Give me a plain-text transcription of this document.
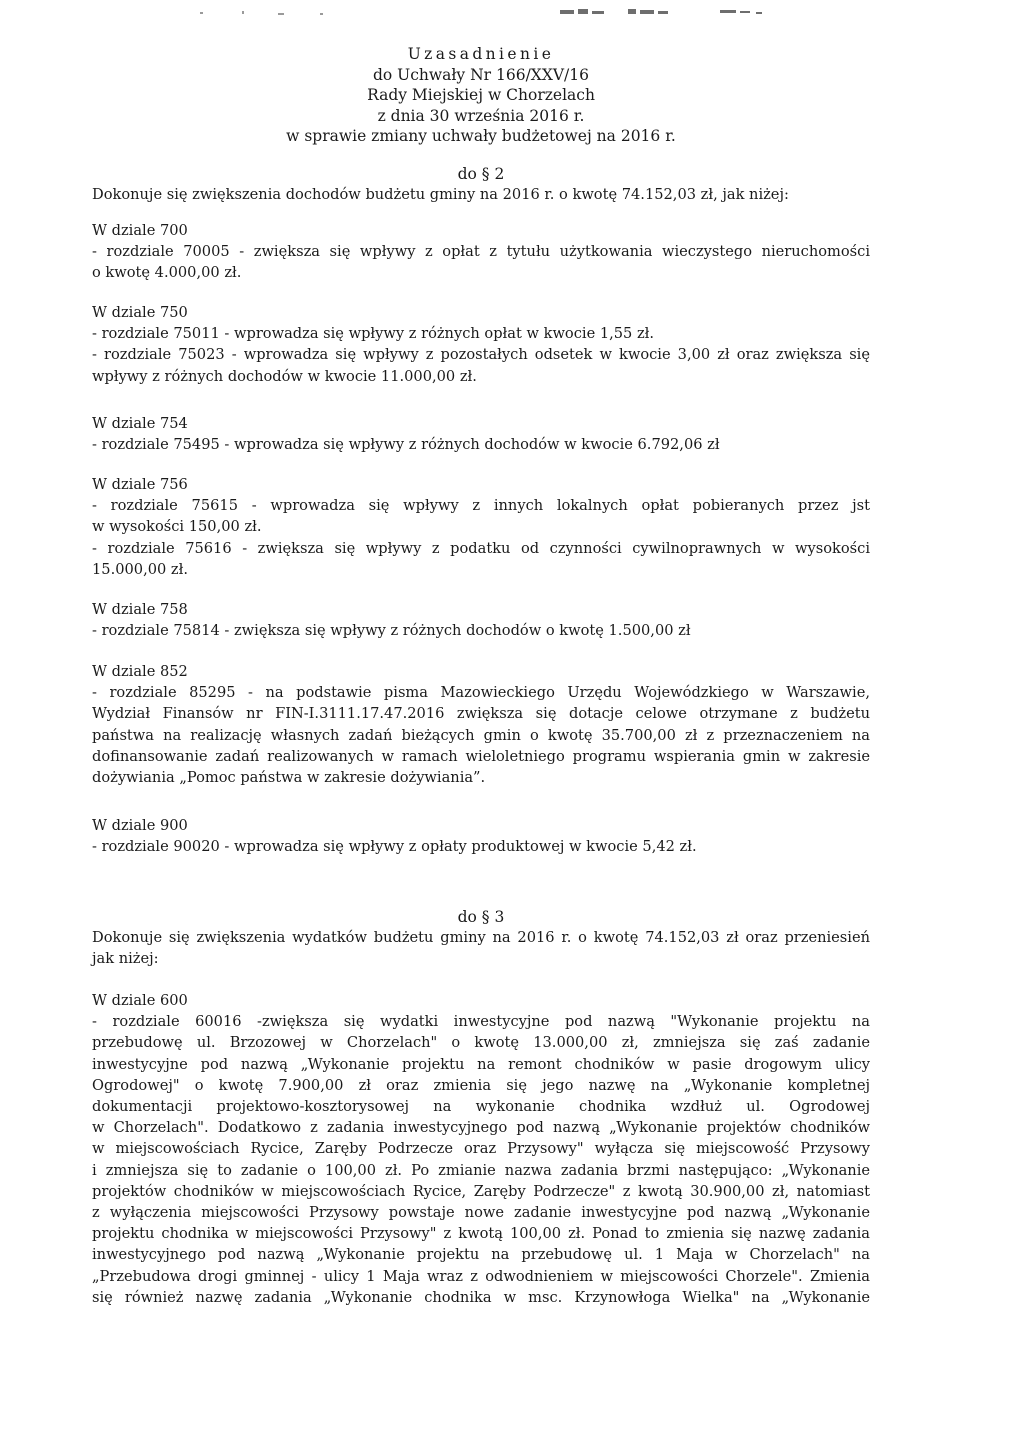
Uzasadnienie
do Uchwały Nr 166/XXV/16
Rady Miejskiej w Chorzelach
z dnia 30 września 2016 r.
w sprawie zmiany uchwały budżetowej na 2016 r.
do § 2

Dokonuje się zwiększenia dochodów budżetu gminy na 2016 r. o kwotę 74.152,03 zł, jak niżej:

W dziale 700

- rozdziale 70005 - zwiększa się wpływy z opłat z tytułu użytkowania wieczystego nieruchomości

o kwotę 4.000,00 zł.

W dziale 750

- rozdziale 75011 - wprowadza się wpływy z różnych opłat w kwocie 1,55 zł.

- rozdziale 75023 - wprowadza się wpływy z pozostałych odsetek w kwocie 3,00 zł oraz zwiększa się

wpływy z różnych dochodów w kwocie 11.000,00 zł.

W dziale 754

- rozdziale 75495 - wprowadza się wpływy z różnych dochodów w kwocie 6.792,06 zł

W dziale 756

- rozdziale 75615 - wprowadza się wpływy z innych lokalnych opłat pobieranych przez jst

w wysokości 150,00 zł.

- rozdziale 75616 - zwiększa się wpływy z podatku od czynności cywilnoprawnych w wysokości

15.000,00 zł.

W dziale 758

- rozdziale 75814 - zwiększa się wpływy z różnych dochodów o kwotę 1.500,00 zł

W dziale 852

- rozdziale 85295 - na podstawie pisma Mazowieckiego Urzędu Wojewódzkiego w Warszawie,

Wydział Finansów nr FIN-I.3111.17.47.2016 zwiększa się dotacje celowe otrzymane z budżetu

państwa na realizację własnych zadań bieżących gmin o kwotę 35.700,00 zł z przeznaczeniem na

dofinansowanie zadań realizowanych w ramach wieloletniego programu wspierania gmin w zakresie

dożywiania „Pomoc państwa w zakresie dożywiania”.

W dziale 900

- rozdziale 90020 - wprowadza się wpływy z opłaty produktowej w kwocie 5,42 zł.

do § 3

Dokonuje się zwiększenia wydatków budżetu gminy na 2016 r. o kwotę 74.152,03 zł oraz przeniesień

jak niżej:

W dziale 600

- rozdziale 60016 -zwiększa się wydatki inwestycyjne pod nazwą "Wykonanie projektu na

przebudowę ul. Brzozowej w Chorzelach" o kwotę 13.000,00 zł, zmniejsza się zaś zadanie

inwestycyjne pod nazwą „Wykonanie projektu na remont chodników w pasie drogowym ulicy

Ogrodowej" o kwotę 7.900,00 zł oraz zmienia się jego nazwę na „Wykonanie kompletnej

dokumentacji projektowo-kosztorysowej na wykonanie chodnika wzdłuż ul. Ogrodowej

w Chorzelach". Dodatkowo z zadania inwestycyjnego pod nazwą „Wykonanie projektów chodników

w miejscowościach Rycice, Zaręby Podrzecze oraz Przysowy" wyłącza się miejscowość Przysowy

i zmniejsza się to zadanie o 100,00 zł. Po zmianie nazwa zadania brzmi następująco: „Wykonanie

projektów chodników w miejscowościach Rycice, Zaręby Podrzecze" z kwotą 30.900,00 zł, natomiast

z wyłączenia miejscowości Przysowy powstaje nowe zadanie inwestycyjne pod nazwą „Wykonanie

projektu chodnika w miejscowości Przysowy" z kwotą 100,00 zł. Ponad to zmienia się nazwę zadania

inwestycyjnego pod nazwą „Wykonanie projektu na przebudowę ul. 1 Maja w Chorzelach" na

„Przebudowa drogi gminnej - ulicy 1 Maja wraz z odwodnieniem w miejscowości Chorzele". Zmienia

się również nazwę zadania „Wykonanie chodnika w msc. Krzynowłoga Wielka" na „Wykonanie
